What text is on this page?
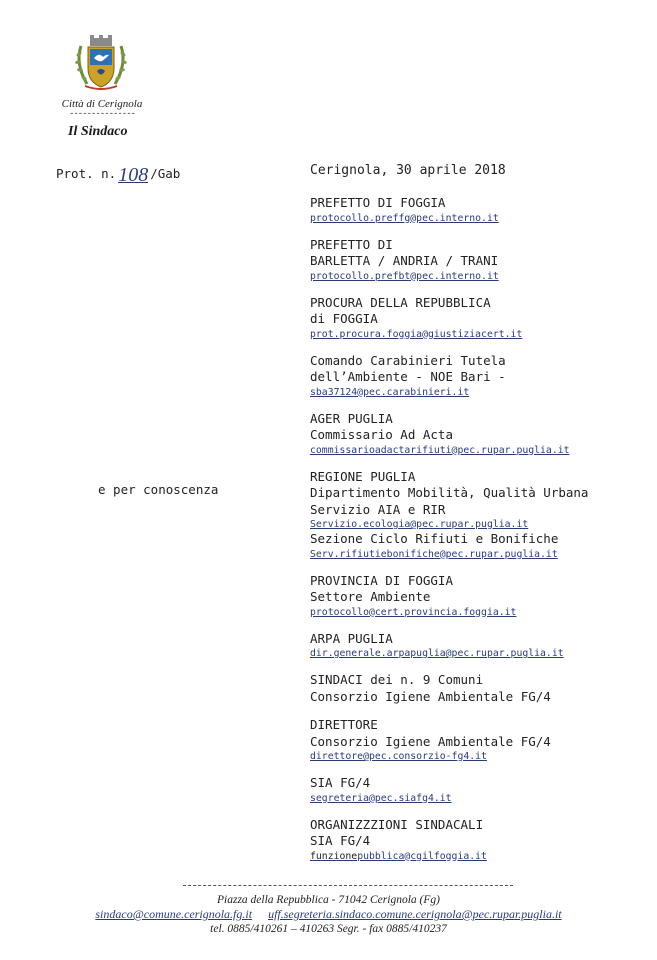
Città di Cerignola
---------------
Il Sindaco
Prot. n. 108 /Gab	Cerignola, 30 aprile 2018
e per conoscenza
PREFETTO DI FOGGIA
protocollo.preffg@pec.interno.it
PREFETTO DI
BARLETTA / ANDRIA / TRANI
protocollo.prefbt@pec.interno.it
PROCURA DELLA REPUBBLICA
di FOGGIA
prot.procura.foggia@giustiziacert.it
Comando Carabinieri Tutela
dell’Ambiente - NOE Bari -
sba37124@pec.carabinieri.it
AGER PUGLIA
Commissario Ad Acta
commissarioadactarifiuti@pec.rupar.puglia.it
REGIONE PUGLIA
Dipartimento Mobilità, Qualità Urbana
Servizio AIA e RIR
Servizio.ecologia@pec.rupar.puglia.it
Sezione Ciclo Rifiuti e Bonifiche
Serv.rifiutiebonifiche@pec.rupar.puglia.it
PROVINCIA DI FOGGIA
Settore Ambiente
protocollo@cert.provincia.foggia.it
ARPA PUGLIA
dir.generale.arpapuglia@pec.rupar.puglia.it
SINDACI dei n. 9 Comuni
Consorzio Igiene Ambientale FG/4
DIRETTORE
Consorzio Igiene Ambientale FG/4
direttore@pec.consorzio-fg4.it
SIA FG/4
segreteria@pec.siafg4.it
ORGANIZZZIONI SINDACALI
SIA FG/4
funzionepubblica@cgilfoggia.it
Piazza della Repubblica - 71042 Cerignola (Fg)
sindaco@comune.cerignola.fg.it uff.segreteria.sindaco.comune.cerignola@pec.rupar.puglia.it
tel. 0885/410261 – 410263 Segr. - fax 0885/410237
